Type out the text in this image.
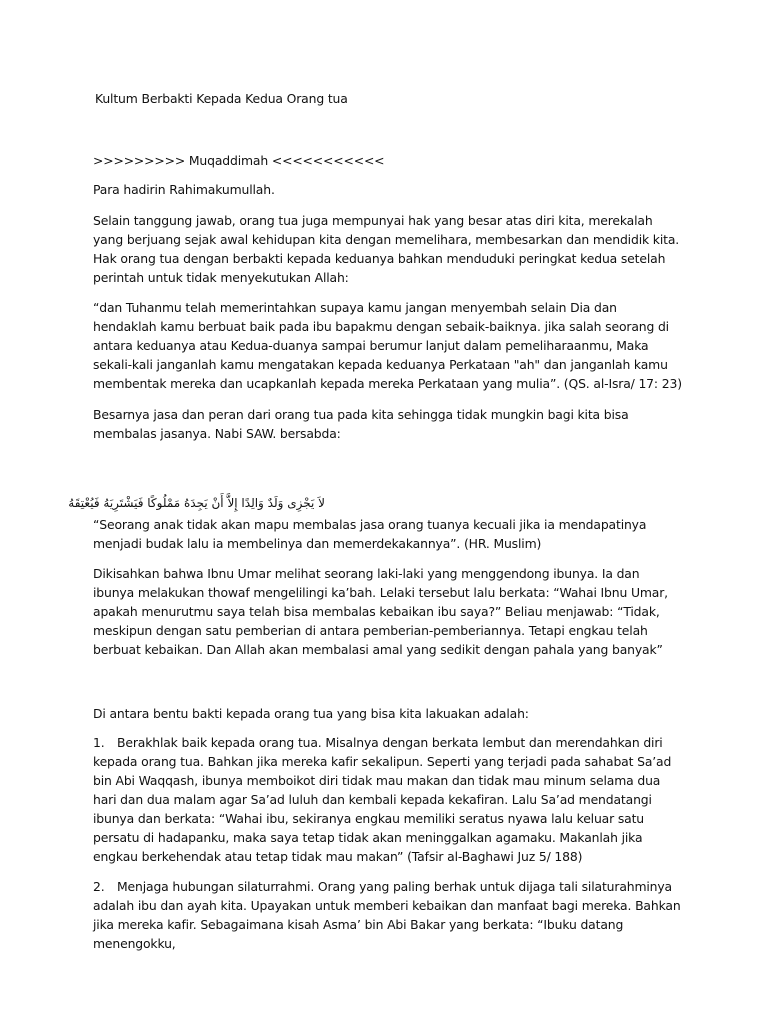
Kultum Berbakti Kepada Kedua Orang tua

>>>>>>>>> Muqaddimah <<<<<<<<<<<

Para hadirin Rahimakumullah.

Selain tanggung jawab, orang tua juga mempunyai hak yang besar atas diri kita, merekalah yang berjuang sejak awal kehidupan kita dengan memelihara, membesarkan dan mendidik kita. Hak orang tua dengan berbakti kepada keduanya bahkan menduduki peringkat kedua setelah perintah untuk tidak menyekutukan Allah:

“dan Tuhanmu telah memerintahkan supaya kamu jangan menyembah selain Dia dan hendaklah kamu berbuat baik pada ibu bapakmu dengan sebaik-baiknya. jika salah seorang di antara keduanya atau Kedua-duanya sampai berumur lanjut dalam pemeliharaanmu, Maka sekali-kali janganlah kamu mengatakan kepada keduanya Perkataan "ah" dan janganlah kamu membentak mereka dan ucapkanlah kepada mereka Perkataan yang mulia”. (QS. al-Isra/ 17: 23)

Besarnya jasa dan peran dari orang tua pada kita sehingga tidak mungkin bagi kita bisa membalas jasanya. Nabi SAW. bersabda:

لاَ يَجْزِى وَلَدٌ وَالِدًا إِلاَّ أَنْ يَجِدَهُ مَمْلُوكًا فَيَشْتَرِيَهُ فَيُعْتِقَهُ

“Seorang anak tidak akan mapu membalas jasa orang tuanya kecuali jika ia mendapatinya menjadi budak lalu ia membelinya dan memerdekakannya”. (HR. Muslim)

Dikisahkan bahwa Ibnu Umar melihat seorang laki-laki yang menggendong ibunya. Ia dan ibunya melakukan thowaf mengelilingi ka’bah. Lelaki tersebut lalu berkata: “Wahai Ibnu Umar, apakah menurutmu saya telah bisa membalas kebaikan ibu saya?” Beliau menjawab: “Tidak, meskipun dengan satu pemberian di antara pemberian-pemberiannya. Tetapi engkau telah berbuat kebaikan. Dan Allah akan membalasi amal yang sedikit dengan pahala yang banyak”

Di antara bentu bakti kepada orang tua yang bisa kita lakuakan adalah:

1. Berakhlak baik kepada orang tua. Misalnya dengan berkata lembut dan merendahkan diri kepada orang tua. Bahkan jika mereka kafir sekalipun. Seperti yang terjadi pada sahabat Sa’ad bin Abi Waqqash, ibunya memboikot diri tidak mau makan dan tidak mau minum selama dua hari dan dua malam agar Sa’ad luluh dan kembali kepada kekafiran. Lalu Sa’ad mendatangi ibunya dan berkata: “Wahai ibu, sekiranya engkau memiliki seratus nyawa lalu keluar satu persatu di hadapanku, maka saya tetap tidak akan meninggalkan agamaku. Makanlah jika engkau berkehendak atau tetap tidak mau makan” (Tafsir al-Baghawi Juz 5/ 188)

2. Menjaga hubungan silaturrahmi. Orang yang paling berhak untuk dijaga tali silaturahminya adalah ibu dan ayah kita. Upayakan untuk memberi kebaikan dan manfaat bagi mereka. Bahkan jika mereka kafir. Sebagaimana kisah Asma’ bin Abi Bakar yang berkata: “Ibuku datang menengokku,
